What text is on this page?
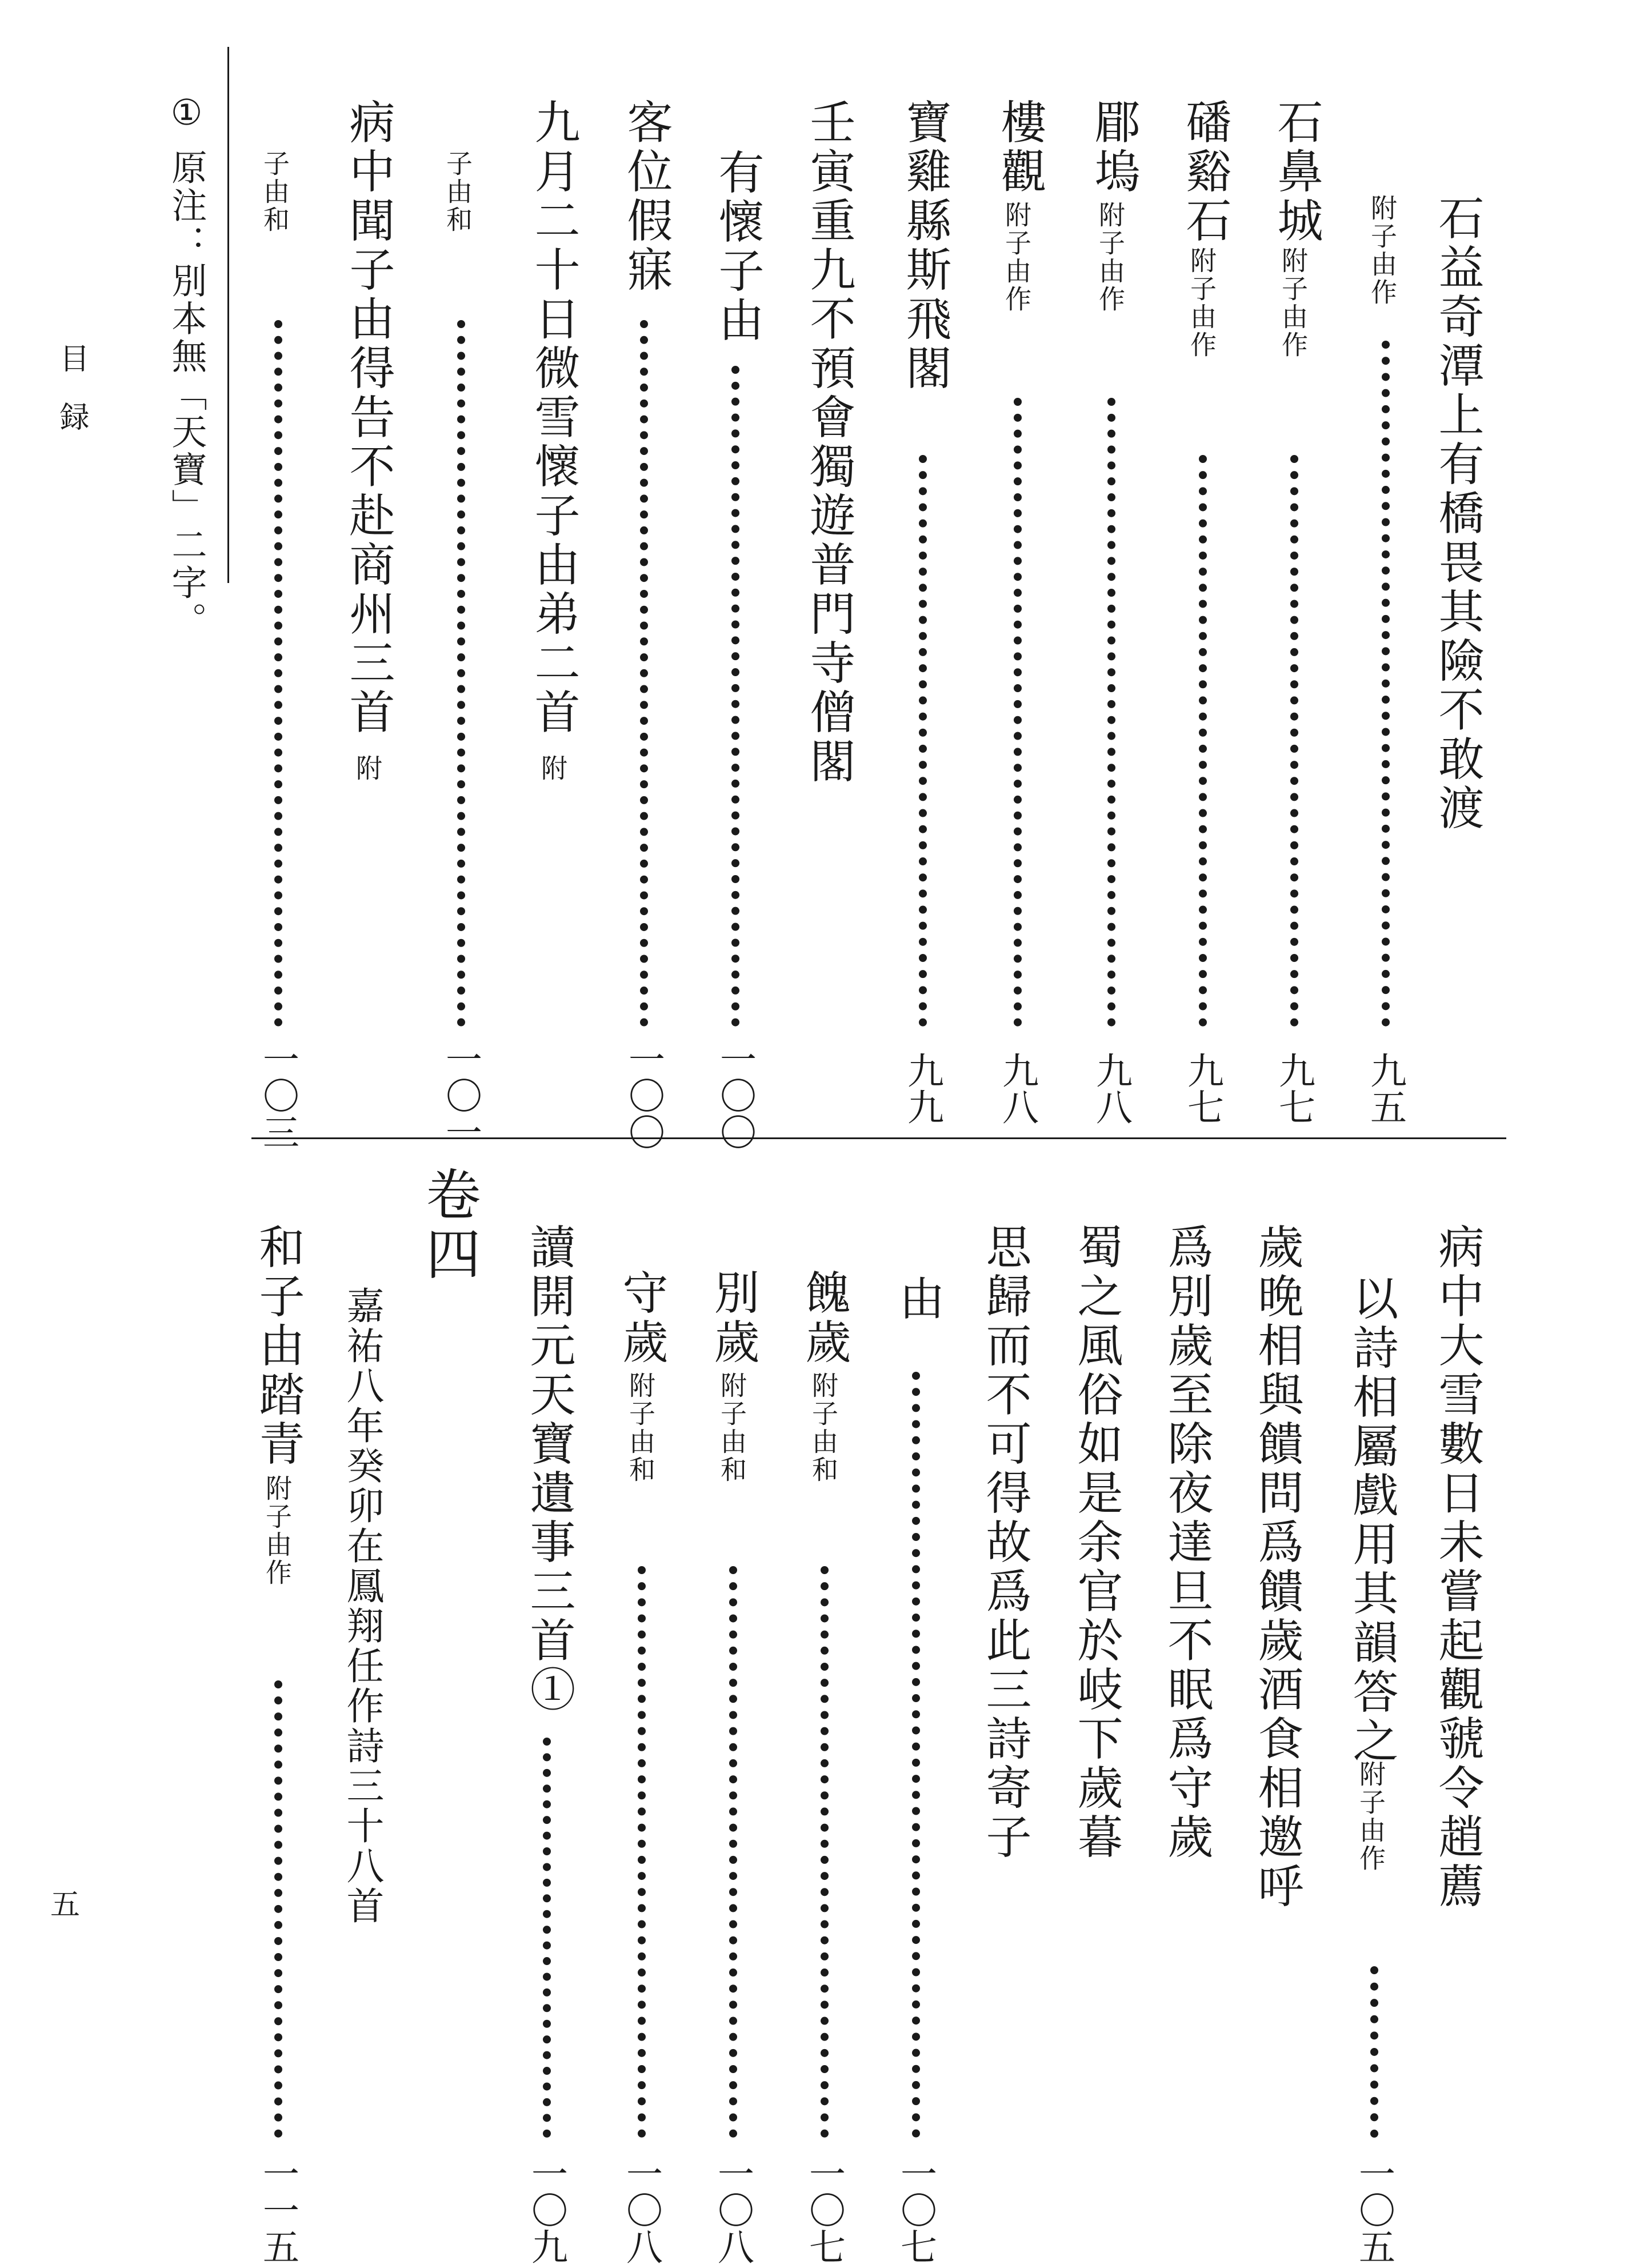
目録
五
① 原注：別本無「天寶」二字。	石益奇潭上有橋畏其險不敢渡
附子由作
九五
石鼻城
附子由作
九七
磻谿石
附子由作
九七
郿塢
附子由作
九八
樓觀
附子由作
九八
寶雞縣斯飛閣
九九
壬寅重九不預會獨遊普門寺僧閣
有懷子由
一〇〇
客位假寐
一〇〇
九月二十日微雪懷子由弟二首
附
子由和
一〇一
病中聞子由得告不赴商州三首
附
子由和
一〇三
病中大雪數日未嘗起觀虢令趙薦
以詩相屬戲用其韻答之
附子由作
一〇五
歲晚相與饋問爲饋歲酒食相邀呼
爲別歲至除夜達旦不眠爲守歲
蜀之風俗如是余官於岐下歲暮
思歸而不可得故爲此三詩寄子
由
一〇七
餽歲
附子由和
一〇七
別歲
附子由和
一〇八
守歲
附子由和
一〇八
讀開元天寶遺事三首①
一〇九
卷四
嘉祐八年癸卯在鳳翔任作詩三十八首
和子由踏青
附子由作
一一五
